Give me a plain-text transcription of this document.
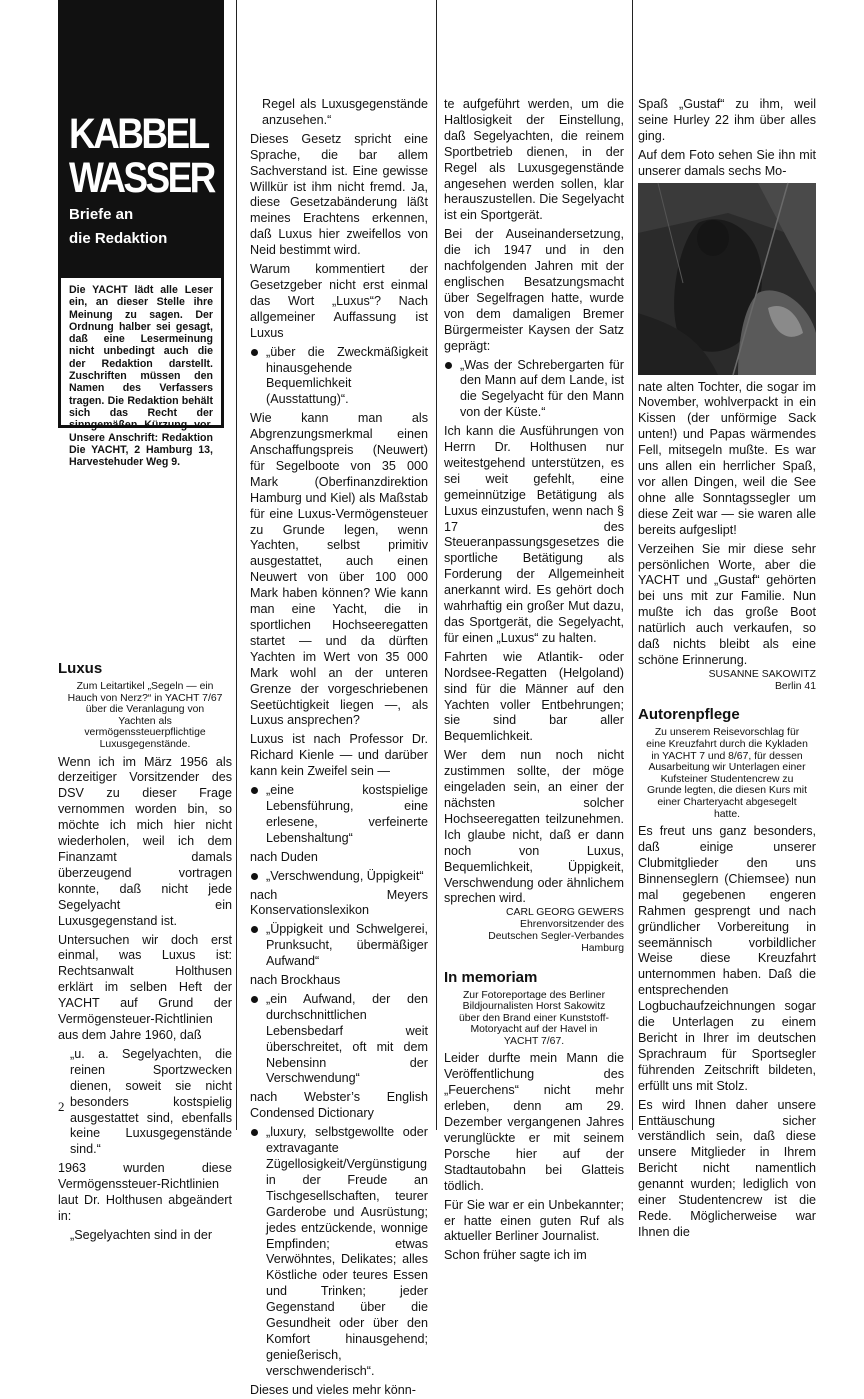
KABBEL
WASSER
Briefe an
die Redaktion
Die YACHT lädt alle Leser ein, an dieser Stelle ihre Meinung zu sagen. Der Ordnung halber sei gesagt, daß eine Lesermeinung nicht unbedingt auch die der Redaktion darstellt. Zuschriften müssen den Namen des Verfassers tragen. Die Redaktion behält sich das Recht der sinngemäßen Kürzung vor. Unsere Anschrift: Redaktion Die YACHT, 2 Hamburg 13, Harvestehuder Weg 9.
Luxus
Zum Leitartikel „Segeln — ein Hauch von Nerz?“ in YACHT 7/67 über die Veranlagung von Yachten als vermögenssteuerpflichtige Luxusgegenstände.

Wenn ich im März 1956 als derzeitiger Vorsitzender des DSV zu dieser Frage vernommen worden bin, so möchte ich mich hier nicht wiederholen, weil ich dem Finanzamt damals überzeugend vortragen konnte, daß nicht jede Segelyacht ein Luxusgegenstand ist.

Untersuchen wir doch erst einmal, was Luxus ist: Rechtsanwalt Holthusen erklärt im selben Heft der YACHT auf Grund der Vermögensteuer-Richtlinien aus dem Jahre 1960, daß

„u. a. Segelyachten, die reinen Sportzwecken dienen, soweit sie nicht besonders kostspielig ausgestattet sind, ebenfalls keine Luxusgegenstände sind.“

1963 wurden diese Vermögenssteuer-Richtlinien laut Dr. Holthusen abgeändert in:

„Segelyachten sind in der

Regel als Luxusgegenstände anzusehen.“

Dieses Gesetz spricht eine Sprache, die bar allem Sachverstand ist. Eine gewisse Willkür ist ihm nicht fremd. Ja, diese Gesetzabänderung läßt meines Erachtens erkennen, daß Luxus hier zweifellos von Neid bestimmt wird.

Warum kommentiert der Gesetzgeber nicht erst einmal das Wort „Luxus“? Nach allgemeiner Auffassung ist Luxus

„über die Zweckmäßigkeit hinausgehende Bequemlichkeit (Ausstattung)“.

Wie kann man als Abgrenzungsmerkmal einen Anschaffungspreis (Neuwert) für Segelboote von 35 000 Mark (Oberfinanzdirektion Hamburg und Kiel) als Maßstab für eine Luxus-Vermögensteuer zu Grunde legen, wenn Yachten, selbst primitiv ausgestattet, auch einen Neuwert von über 100 000 Mark haben können? Wie kann man eine Yacht, die in sportlichen Hochseeregatten startet — und da dürften Yachten im Wert von 35 000 Mark wohl an der unteren Grenze der vorgeschriebenen Seetüchtigkeit liegen —, als Luxus ansprechen?

Luxus ist nach Professor Dr. Richard Kienle — und darüber kann kein Zweifel sein —

„eine kostspielige Lebensführung, eine erlesene, verfeinerte Lebenshaltung“

nach Duden

„Verschwendung, Üppigkeit“

nach Meyers Konservationslexikon

„Üppigkeit und Schwelgerei, Prunksucht, übermäßiger Aufwand“

nach Brockhaus

„ein Aufwand, der den durchschnittlichen Lebensbedarf weit überschreitet, oft mit dem Nebensinn der Verschwendung“

nach Webster’s English Condensed Dictionary

„luxury, selbstgewollte oder extravagante Zügellosigkeit/Vergünstigung in der Freude an Tischgesellschaften, teurer Garderobe und Ausrüstung; jedes entzückende, wonnige Empfinden; etwas Verwöhntes, Delikates; alles Köstliche oder teures Essen und Trinken; jeder Gegenstand über die Gesundheit oder über den Komfort hinausgehend; genießerisch, verschwenderisch“.

Dieses und vieles mehr könn-

te aufgeführt werden, um die Haltlosigkeit der Einstellung, daß Segelyachten, die reinem Sportbetrieb dienen, in der Regel als Luxusgegenstände angesehen werden sollen, klar herauszustellen. Die Segelyacht ist ein Sportgerät.

Bei der Auseinandersetzung, die ich 1947 und in den nachfolgenden Jahren mit der englischen Besatzungsmacht über Segelfragen hatte, wurde von dem damaligen Bremer Bürgermeister Kaysen der Satz geprägt:

„Was der Schrebergarten für den Mann auf dem Lande, ist die Segelyacht für den Mann von der Küste.“

Ich kann die Ausführungen von Herrn Dr. Holthusen nur weitestgehend unterstützen, es sei weit gefehlt, eine gemeinnützige Betätigung als Luxus einzustufen, wenn nach § 17 des Steueranpassungsgesetzes die sportliche Betätigung als Forderung der Allgemeinheit anerkannt wird. Es gehört doch wahrhaftig ein großer Mut dazu, das Sportgerät, die Segelyacht, für einen „Luxus“ zu halten.

Fahrten wie Atlantik- oder Nordsee-Regatten (Helgoland) sind für die Männer auf den Yachten voller Entbehrungen; sie sind bar aller Bequemlichkeit.

Wer dem nun noch nicht zustimmen sollte, der möge eingeladen sein, an einer der nächsten solcher Hochseeregatten teilzunehmen. Ich glaube nicht, daß er dann noch von Luxus, Bequemlichkeit, Üppigkeit, Verschwendung oder ähnlichem sprechen wird.

CARL GEORG GEWERS
Ehrenvorsitzender des
Deutschen Segler-Verbandes
Hamburg
In memoriam
Zur Fotoreportage des Berliner Bildjournalisten Horst Sakowitz über den Brand einer Kunststoff-Motoryacht auf der Havel in YACHT 7/67.

Leider durfte mein Mann die Veröffentlichung des „Feuerchens“ nicht mehr erleben, denn am 29. Dezember vergangenen Jahres verunglückte er mit seinem Porsche hier auf der Stadtautobahn bei Glatteis tödlich.

Für Sie war er ein Unbekannter; er hatte einen guten Ruf als aktueller Berliner Journalist.

Schon früher sagte ich im

Spaß „Gustaf“ zu ihm, weil seine Hurley 22 ihm über alles ging.

Auf dem Foto sehen Sie ihn mit unserer damals sechs Mo-

nate alten Tochter, die sogar im November, wohlverpackt in ein Kissen (der unförmige Sack unten!) und Papas wärmendes Fell, mitsegeln mußte. Es war uns allen ein herrlicher Spaß, vor allen Dingen, weil die See ohne alle Sonntagssegler um diese Zeit war — sie waren alle bereits aufgeslipt!

Verzeihen Sie mir diese sehr persönlichen Worte, aber die YACHT und „Gustaf“ gehörten bei uns mit zur Familie. Nun mußte ich das große Boot natürlich auch verkaufen, so daß nichts bleibt als eine schöne Erinnerung.

SUSANNE SAKOWITZ
Berlin 41
Autorenpflege
Zu unserem Reisevorschlag für eine Kreuzfahrt durch die Kykladen in YACHT 7 und 8/67, für dessen Ausarbeitung wir Unterlagen einer Kufsteiner Studentencrew zu Grunde legten, die diesen Kurs mit einer Charteryacht abgesegelt hatte.

Es freut uns ganz besonders, daß einige unserer Clubmitglieder den uns Binnenseglern (Chiemsee) nun mal gegebenen engeren Rahmen gesprengt und nach gründlicher Vorbereitung in seemännisch vorbildlicher Weise diese Kreuzfahrt unternommen haben. Daß die entsprechenden Logbuchaufzeichnungen sogar die Unterlagen zu einem Bericht in Ihrer im deutschen Sprachraum für Sportsegler führenden Zeitschrift bildeten, erfüllt uns mit Stolz.

Es wird Ihnen daher unsere Enttäuschung sicher verständlich sein, daß diese unsere Mitglieder in Ihrem Bericht nicht namentlich genannt wurden; lediglich von einer Studentencrew ist die Rede. Möglicherweise war Ihnen die

2
